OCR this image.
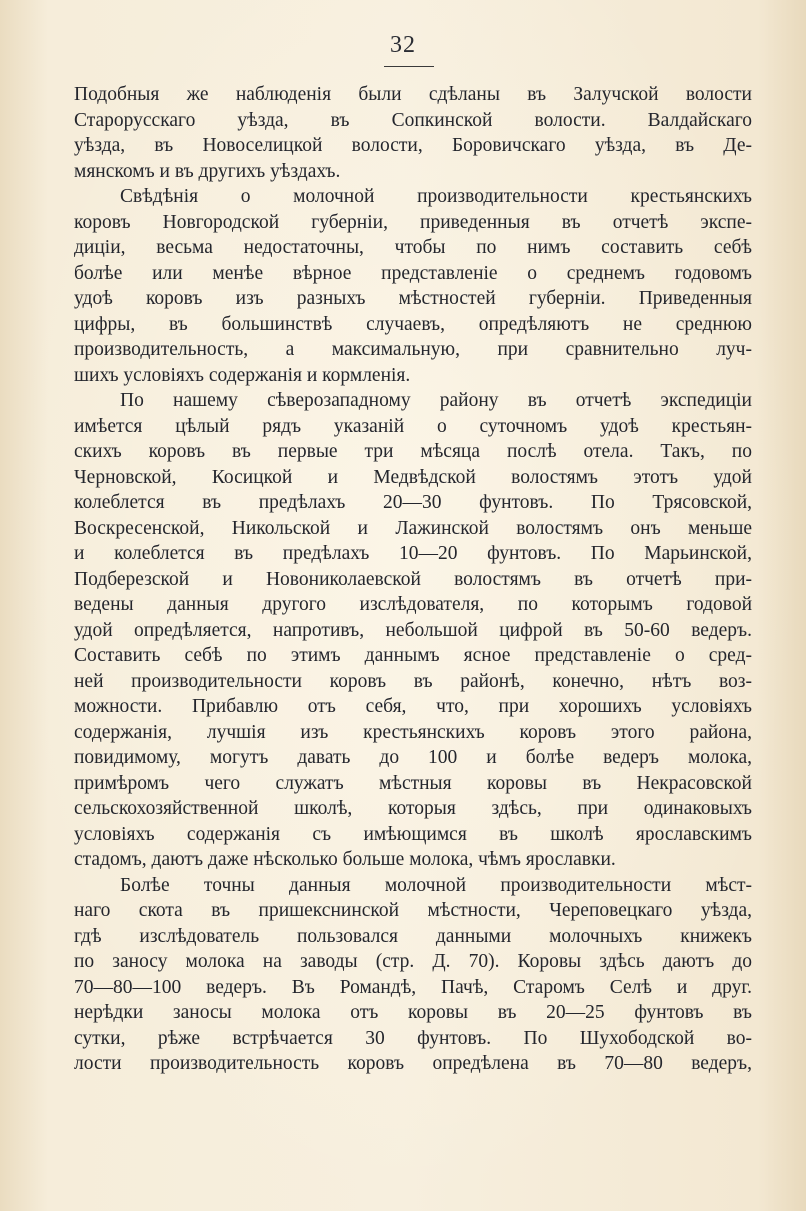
32
Подобныя же наблюденія были сдѣланы въ Залучской волости
Старорусскаго уѣзда, въ Сопкинской волости. Валдайскаго
уѣзда, въ Новоселицкой волости, Боровичскаго уѣзда, въ Де-
мянскомъ и въ другихъ уѣздахъ.
Свѣдѣнія о молочной производительности крестьянскихъ
коровъ Новгородской губерніи, приведенныя въ отчетѣ экспе-
диціи, весьма недостаточны, чтобы по нимъ составить себѣ
болѣе или менѣе вѣрное представленіе о среднемъ годовомъ
удоѣ коровъ изъ разныхъ мѣстностей губерніи. Приведенныя
цифры, въ большинствѣ случаевъ, опредѣляютъ не среднюю
производительность, а максимальную, при сравнительно луч-
шихъ условіяхъ содержанія и кормленія.
По нашему сѣверозападному району въ отчетѣ экспедиціи
имѣется цѣлый рядъ указаній о суточномъ удоѣ крестьян-
скихъ коровъ въ первые три мѣсяца послѣ отела. Такъ, по
Черновской, Косицкой и Медвѣдской волостямъ этотъ удой
колеблется въ предѣлахъ 20—30 фунтовъ. По Трясовской,
Воскресенской, Никольской и Лажинской волостямъ онъ меньше
и колеблется въ предѣлахъ 10—20 фунтовъ. По Марьинской,
Подберезской и Новониколаевской волостямъ въ отчетѣ при-
ведены данныя другого изслѣдователя, по которымъ годовой
удой опредѣляется, напротивъ, небольшой цифрой въ 50-60 ведеръ.
Составить себѣ по этимъ даннымъ ясное представленіе о сред-
ней производительности коровъ въ районѣ, конечно, нѣтъ воз-
можности. Прибавлю отъ себя, что, при хорошихъ условіяхъ
содержанія, лучшія изъ крестьянскихъ коровъ этого района,
повидимому, могутъ давать до 100 и болѣе ведеръ молока,
примѣромъ чего служатъ мѣстныя коровы въ Некрасовской
сельскохозяйственной школѣ, которыя здѣсь, при одинаковыхъ
условіяхъ содержанія съ имѣющимся въ школѣ ярославскимъ
стадомъ, даютъ даже нѣсколько больше молока, чѣмъ ярославки.
Болѣе точны данныя молочной производительности мѣст-
наго скота въ пришекснинской мѣстности, Череповецкаго уѣзда,
гдѣ изслѣдователь пользовался данными молочныхъ книжекъ
по заносу молока на заводы (стр. Д. 70). Коровы здѣсь даютъ до
70—80—100 ведеръ. Въ Романдѣ, Пачѣ, Старомъ Селѣ и друг.
нерѣдки заносы молока отъ коровы въ 20—25 фунтовъ въ
сутки, рѣже встрѣчается 30 фунтовъ. По Шухободской во-
лости производительность коровъ опредѣлена въ 70—80 ведеръ,
